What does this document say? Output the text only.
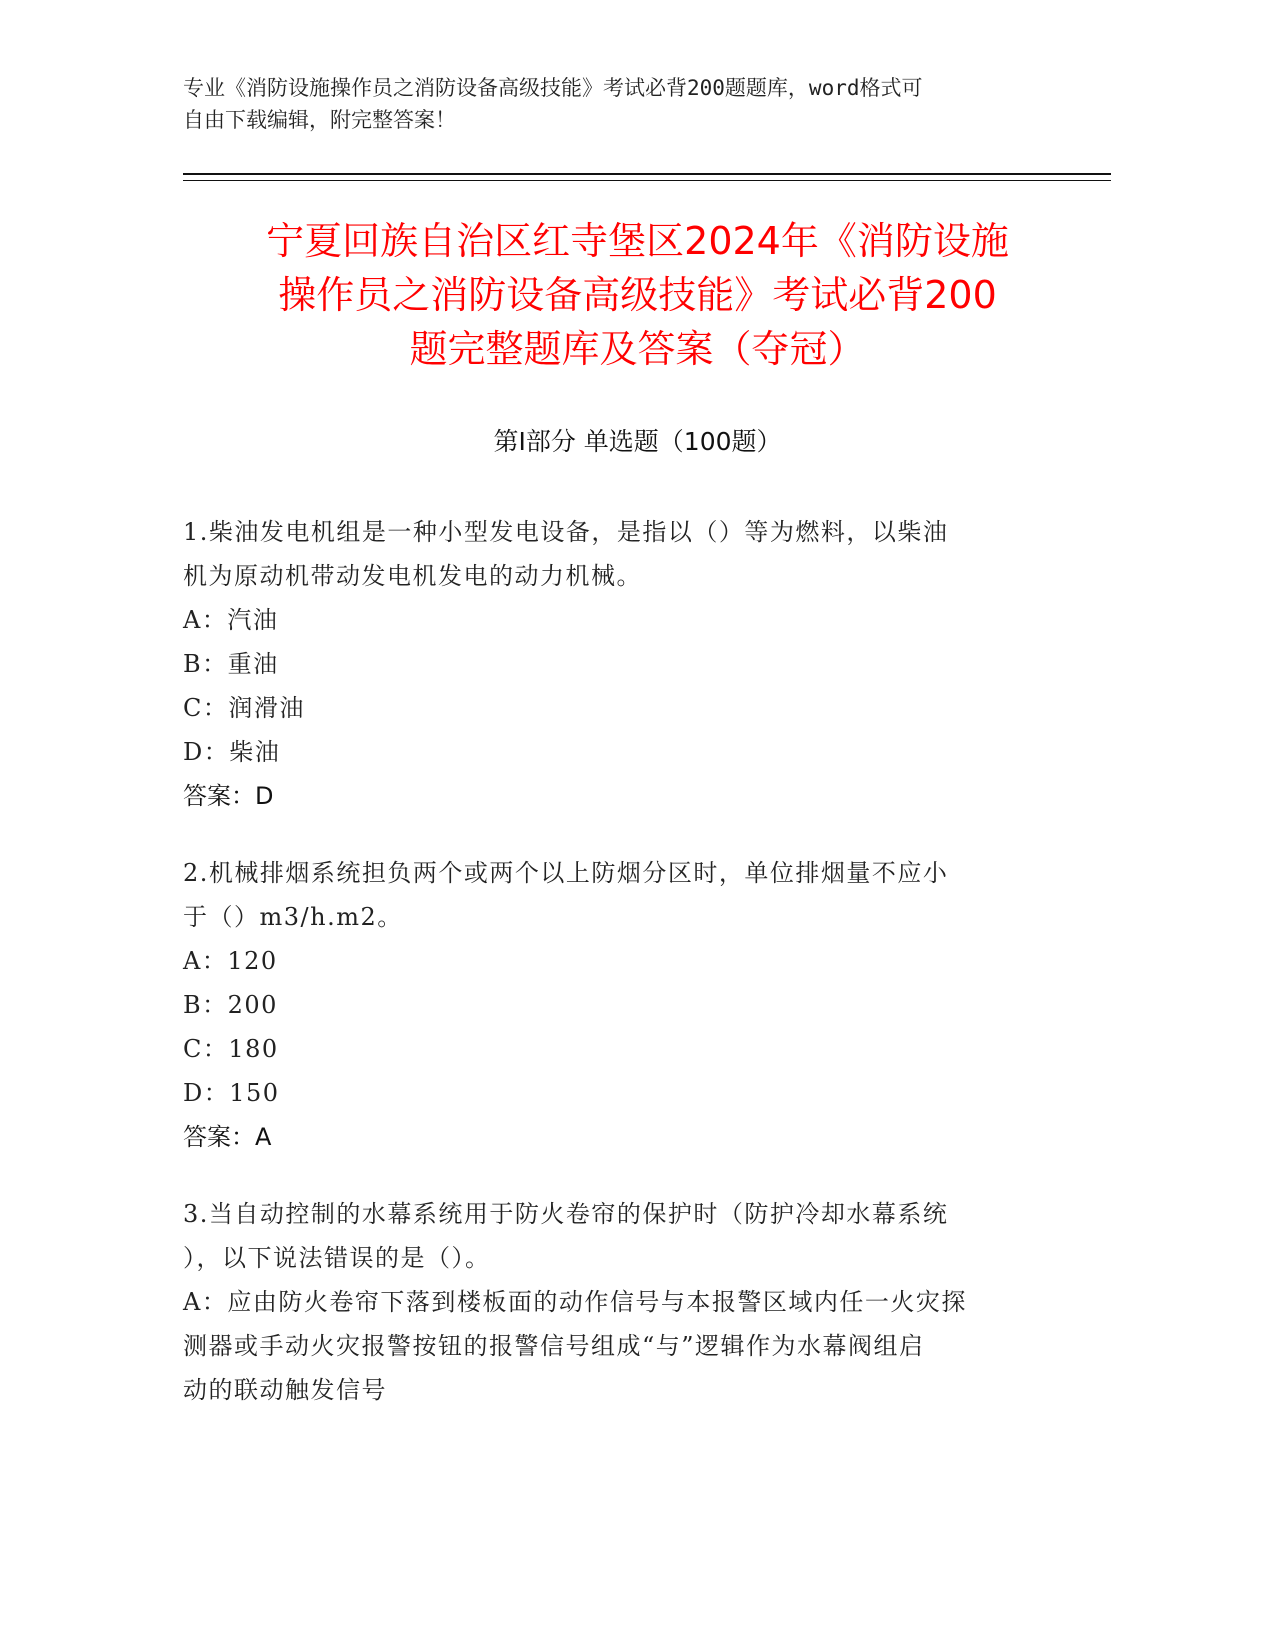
专业《消防设施操作员之消防设备高级技能》考试必背200题题库，word格式可
自由下载编辑，附完整答案！
宁夏回族自治区红寺堡区2024年《消防设施
操作员之消防设备高级技能》考试必背200
题完整题库及答案（夺冠）
第Ⅰ部分 单选题（100题）
1.柴油发电机组是一种小型发电设备，是指以（）等为燃料，以柴油
机为原动机带动发电机发电的动力机械。
A：汽油
B：重油
C：润滑油
D：柴油
答案：D
2.机械排烟系统担负两个或两个以上防烟分区时，单位排烟量不应小
于（）m3/h.m2。
A：120
B：200
C：180
D：150
答案：A
3.当自动控制的水幕系统用于防火卷帘的保护时（防护冷却水幕系统
），以下说法错误的是（）。
A：应由防火卷帘下落到楼板面的动作信号与本报警区域内任一火灾探
测器或手动火灾报警按钮的报警信号组成“与”逻辑作为水幕阀组启
动的联动触发信号
